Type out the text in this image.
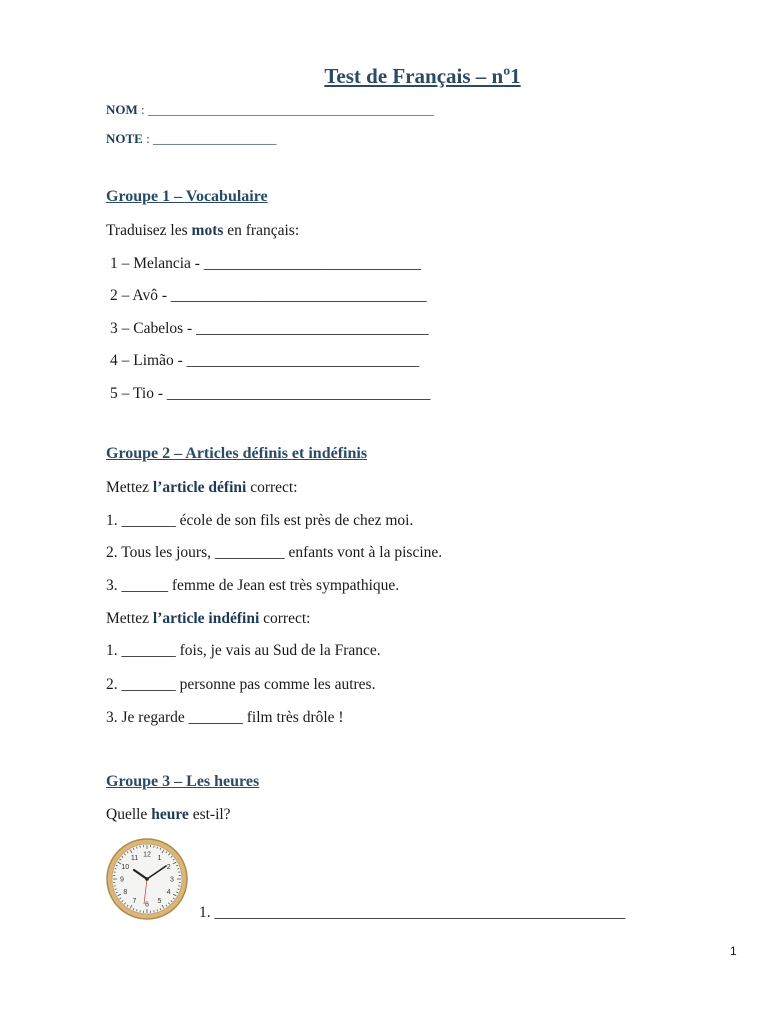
Test de Français – nº1
NOM : ____________________________________________
NOTE : ___________________
Groupe 1 – Vocabulaire
Traduisez les mots en français:
1 – Melancia - ____________________________
2 – Avô - _________________________________
3 – Cabelos - ______________________________
4 – Limão - ______________________________
5 – Tio - __________________________________
Groupe 2 – Articles définis et indéfinis
Mettez l’article défini correct:
1. _______ école de son fils est près de chez moi.
2. Tous les jours, _________ enfants vont à la piscine.
3. ______ femme de Jean est très sympathique.
Mettez l’article indéfini correct:
1. _______ fois, je vais au Sud de la France.
2. _______ personne pas comme les autres.
3. Je regarde _______ film très drôle !
Groupe 3 – Les heures
Quelle heure est-il?
12 1
2
3
4
5
6
7
8
9
10
11
1. _____________________________________________________
1
